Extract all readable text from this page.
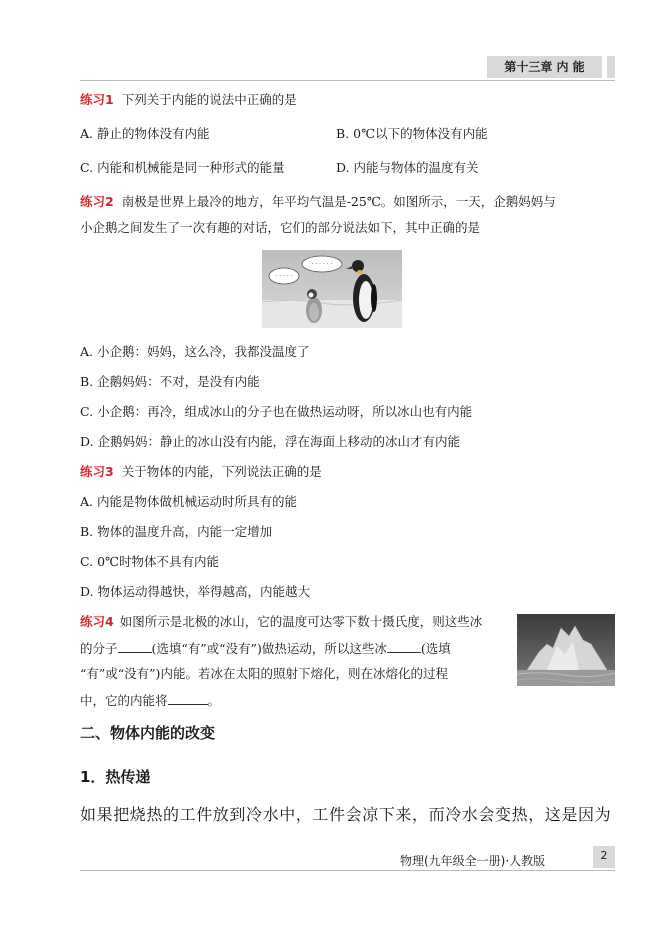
第十三章 内 能
练习1 下列关于内能的说法中正确的是
A. 静止的物体没有内能	B. 0℃以下的物体没有内能
C. 内能和机械能是同一种形式的能量	D. 内能与物体的温度有关
练习2 南极是世界上最冷的地方，年平均气温是-25℃。如图所示，一天，企鹅妈妈与
小企鹅之间发生了一次有趣的对话，它们的部分说法如下，其中正确的是
· · · · ·
· · · · · ·
A. 小企鹅：妈妈，这么冷，我都没温度了
B. 企鹅妈妈：不对，是没有内能
C. 小企鹅：再冷，组成冰山的分子也在做热运动呀，所以冰山也有内能
D. 企鹅妈妈：静止的冰山没有内能，浮在海面上移动的冰山才有内能
练习3 关于物体的内能，下列说法正确的是
A. 内能是物体做机械运动时所具有的能
B. 物体的温度升高，内能一定增加
C. 0℃时物体不具有内能
D. 物体运动得越快，举得越高，内能越大
练习4 如图所示是北极的冰山，它的温度可达零下数十摄氏度，则这些冰
的分子	(选填“有”或“没有”)做热运动，所以这些冰	(选填
“有”或“没有”)内能。若冰在太阳的照射下熔化，则在冰熔化的过程
中，它的内能将	。
二、物体内能的改变
1．热传递
如果把烧热的工件放到冷水中，工件会凉下来，而冷水会变热，这是因为
物理(九年级全一册)·人教版	2
